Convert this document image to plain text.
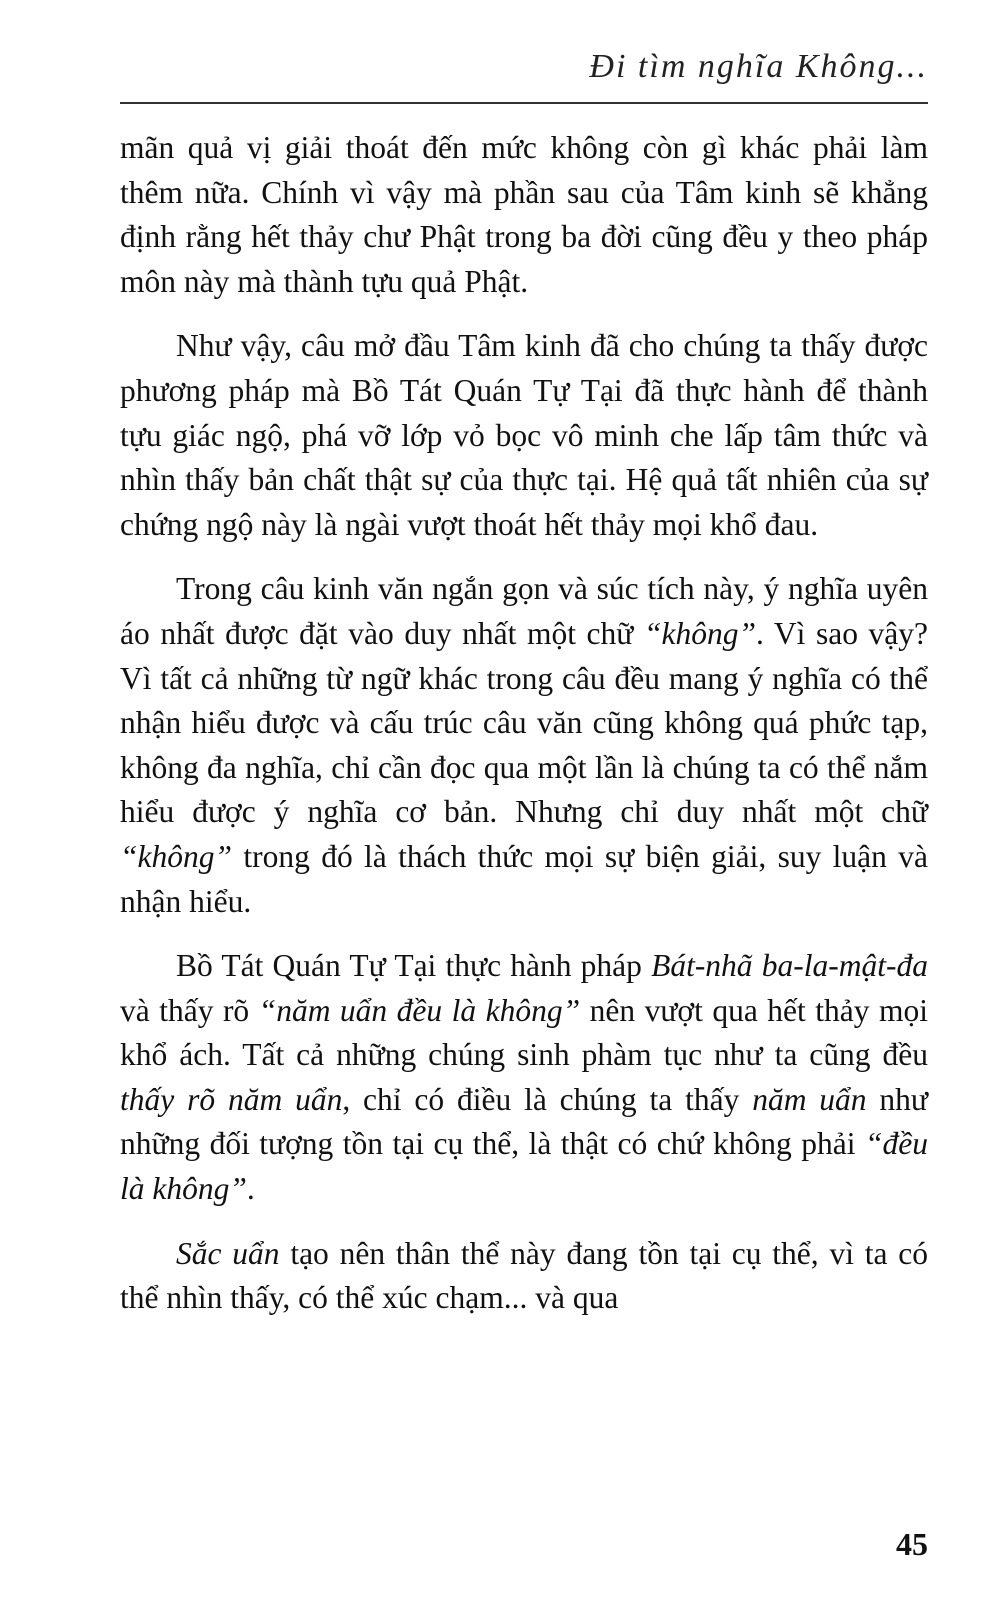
Đi tìm nghĩa Không...

mãn quả vị giải thoát đến mức không còn gì khác phải làm thêm nữa. Chính vì vậy mà phần sau của Tâm kinh sẽ khẳng định rằng hết thảy chư Phật trong ba đời cũng đều y theo pháp môn này mà thành tựu quả Phật.

Như vậy, câu mở đầu Tâm kinh đã cho chúng ta thấy được phương pháp mà Bồ Tát Quán Tự Tại đã thực hành để thành tựu giác ngộ, phá vỡ lớp vỏ bọc vô minh che lấp tâm thức và nhìn thấy bản chất thật sự của thực tại. Hệ quả tất nhiên của sự chứng ngộ này là ngài vượt thoát hết thảy mọi khổ đau.

Trong câu kinh văn ngắn gọn và súc tích này, ý nghĩa uyên áo nhất được đặt vào duy nhất một chữ “không”. Vì sao vậy? Vì tất cả những từ ngữ khác trong câu đều mang ý nghĩa có thể nhận hiểu được và cấu trúc câu văn cũng không quá phức tạp, không đa nghĩa, chỉ cần đọc qua một lần là chúng ta có thể nắm hiểu được ý nghĩa cơ bản. Nhưng chỉ duy nhất một chữ “không” trong đó là thách thức mọi sự biện giải, suy luận và nhận hiểu.

Bồ Tát Quán Tự Tại thực hành pháp Bát-nhã ba-la-mật-đa và thấy rõ “năm uẩn đều là không” nên vượt qua hết thảy mọi khổ ách. Tất cả những chúng sinh phàm tục như ta cũng đều thấy rõ năm uẩn, chỉ có điều là chúng ta thấy năm uẩn như những đối tượng tồn tại cụ thể, là thật có chứ không phải “đều là không”.

Sắc uẩn tạo nên thân thể này đang tồn tại cụ thể, vì ta có thể nhìn thấy, có thể xúc chạm... và qua

45
